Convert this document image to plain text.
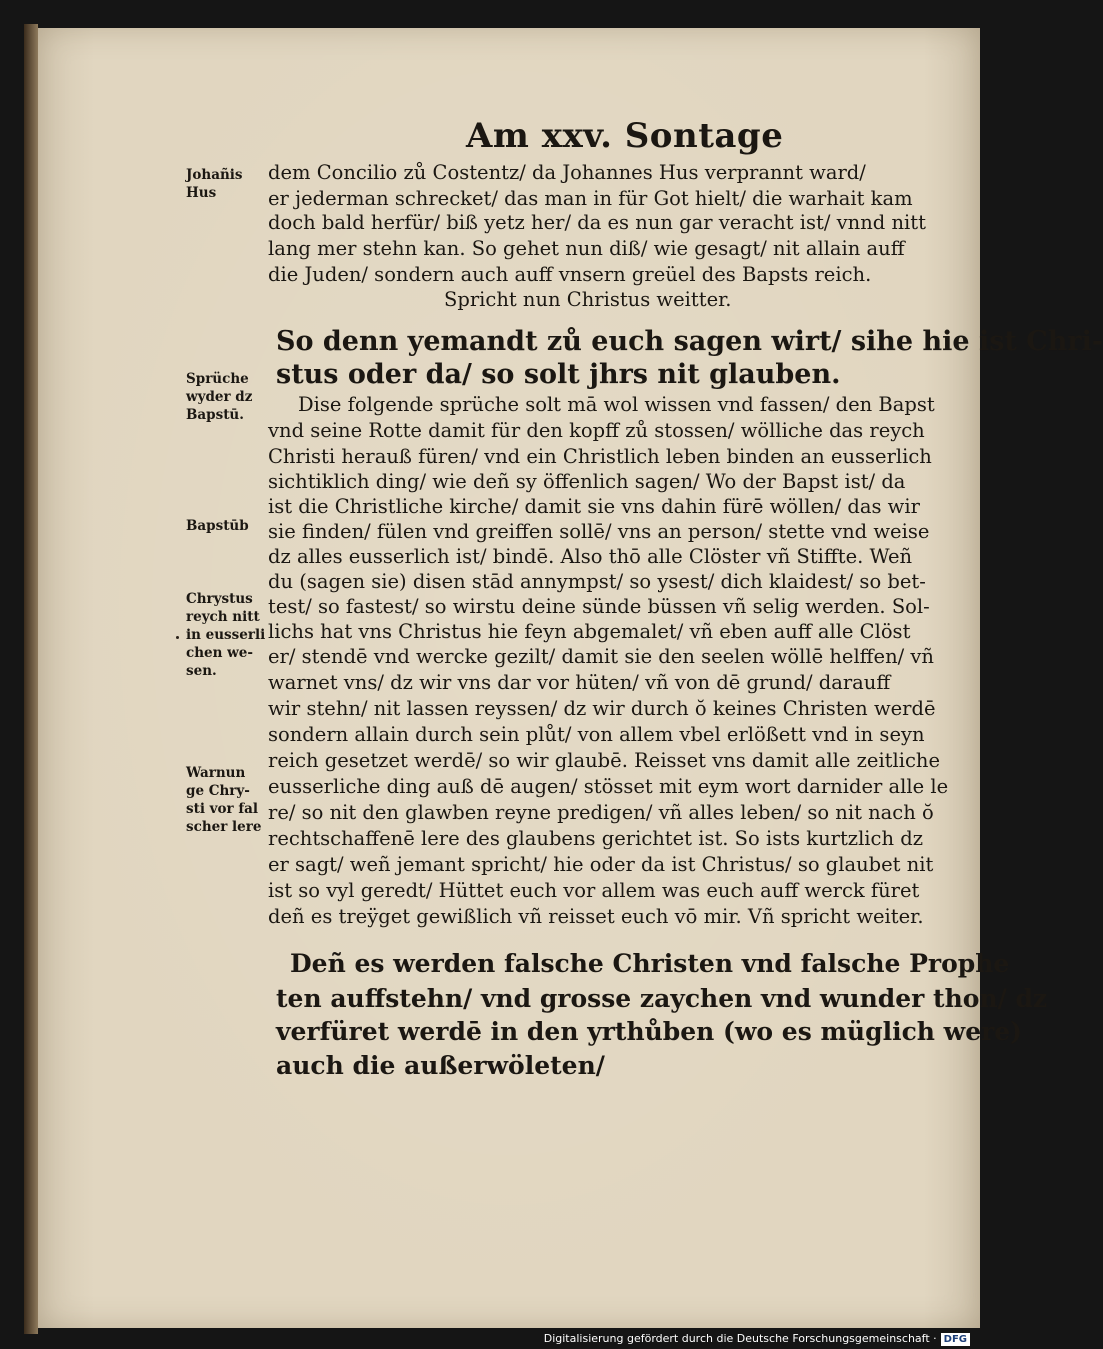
Am xxv. Sontage
dem Concilio zů Costentz/ da Johannes Hus verprannt ward/
er jederman schrecket/ das man in für Got hielt/ die warhait kam
doch bald herfür/ biß yetz her/ da es nun gar veracht ist/ vnnd nitt
lang mer stehn kan. So gehet nun diß/ wie gesagt/ nit allain auff
die Juden/ sondern auch auff vnsern greüel des Bapsts reich.
Spricht nun Christus weitter.
So denn yemandt zů euch sagen wirt/ sihe hie ist Chri-
stus oder da/ so solt jhrs nit glauben.
Dise folgende sprüche solt mā wol wissen vnd fassen/ den Bapst
vnd seine Rotte damit für den kopff zů stossen/ wölliche das reych
Christi herauß füren/ vnd ein Christlich leben binden an eusserlich
sichtiklich ding/ wie deñ sy öffenlich sagen/ Wo der Bapst ist/ da
ist die Christliche kirche/ damit sie vns dahin fürē wöllen/ das wir
sie finden/ fülen vnd greiffen sollē/ vns an person/ stette vnd weise
dz alles eusserlich ist/ bindē. Also thō alle Clöster vñ Stiffte. Weñ
du (sagen sie) disen stād annympst/ so ysest/ dich klaidest/ so bet-
test/ so fastest/ so wirstu deine sünde büssen vñ selig werden. Sol-
lichs hat vns Christus hie feyn abgemalet/ vñ eben auff alle Clöst
er/ stendē vnd wercke gezilt/ damit sie den seelen wöllē helffen/ vñ
warnet vns/ dz wir vns dar vor hüten/ vñ von dē grund/ darauff
wir stehn/ nit lassen reyssen/ dz wir durch ŏ keines Christen werdē
sondern allain durch sein plůt/ von allem vbel erlößett vnd in seyn
reich gesetzet werdē/ so wir glaubē. Reisset vns damit alle zeitliche
eusserliche ding auß dē augen/ stösset mit eym wort darnider alle le
re/ so nit den glawben reyne predigen/ vñ alles leben/ so nit nach ŏ
rechtschaffenē lere des glaubens gerichtet ist. So ists kurtzlich dz
er sagt/ weñ jemant spricht/ hie oder da ist Christus/ so glaubet nit
ist so vyl geredt/ Hüttet euch vor allem was euch auff werck füret
deñ es treÿget gewißlich vñ reisset euch vō mir. Vñ spricht weiter.
Deñ es werden falsche Christen vnd falsche Prophe
ten auffstehn/ vnd grosse zaychen vnd wunder thon/ dz
verfüret werdē in den yrthůben (wo es müglich were)
auch die außerwöleten/
Johañis
Hus
Sprüche
wyder dz
Bapstū.
Bapstūb
Chrystus
reych nitt
in eusserli
chen we-
sen.
Warnun
ge Chry-
sti vor fal
scher lere
Digitalisierung gefördert durch die Deutsche Forschungsgemeinschaft · DFG
